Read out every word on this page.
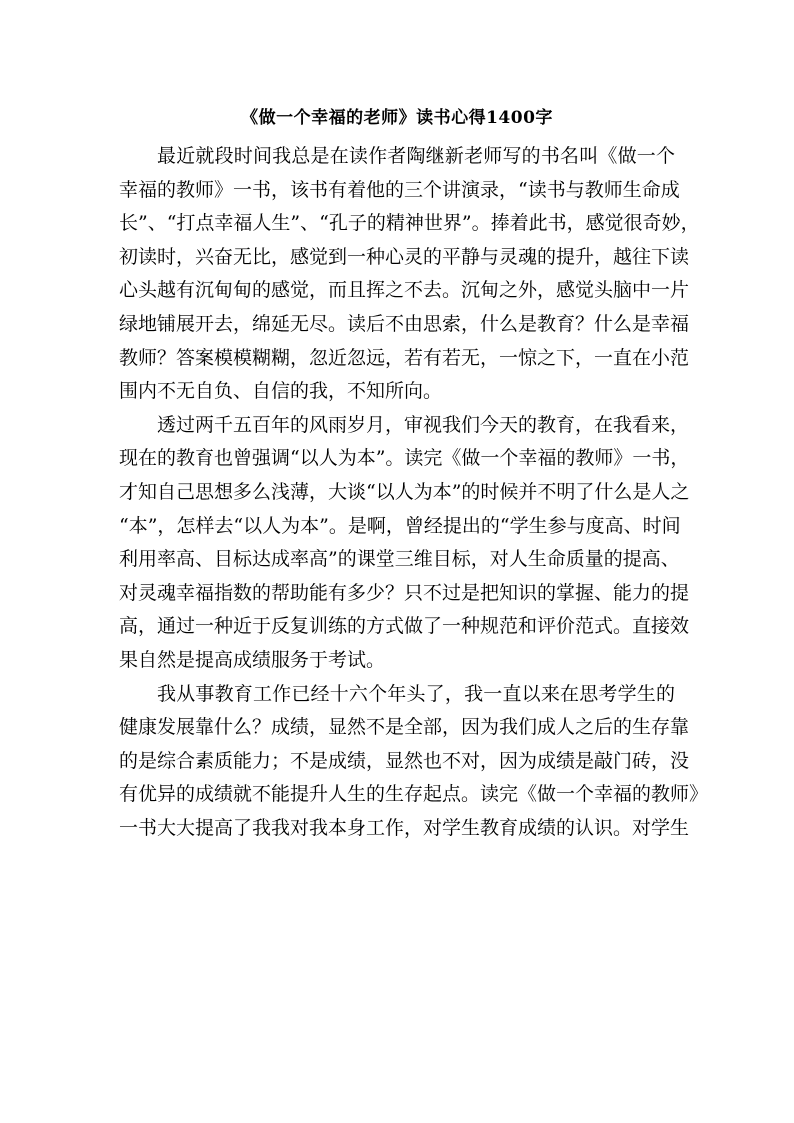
《做一个幸福的老师》读书心得1400字
最近就段时间我总是在读作者陶继新老师写的书名叫《做一个
幸福的教师》一书，该书有着他的三个讲演录，“读书与教师生命成
长”、“打点幸福人生”、“孔子的精神世界”。捧着此书，感觉很奇妙，
初读时，兴奋无比，感觉到一种心灵的平静与灵魂的提升，越往下读
心头越有沉甸甸的感觉，而且挥之不去。沉甸之外，感觉头脑中一片
绿地铺展开去，绵延无尽。读后不由思索，什么是教育？什么是幸福
教师？答案模模糊糊，忽近忽远，若有若无，一惊之下，一直在小范
围内不无自负、自信的我，不知所向。
透过两千五百年的风雨岁月，审视我们今天的教育，在我看来，
现在的教育也曾强调“以人为本”。读完《做一个幸福的教师》一书，
才知自己思想多么浅薄，大谈“以人为本”的时候并不明了什么是人之
“本”，怎样去“以人为本”。是啊，曾经提出的“学生参与度高、时间
利用率高、目标达成率高”的课堂三维目标，对人生命质量的提高、
对灵魂幸福指数的帮助能有多少？只不过是把知识的掌握、能力的提
高，通过一种近于反复训练的方式做了一种规范和评价范式。直接效
果自然是提高成绩服务于考试。
我从事教育工作已经十六个年头了，我一直以来在思考学生的
健康发展靠什么？成绩，显然不是全部，因为我们成人之后的生存靠
的是综合素质能力；不是成绩，显然也不对，因为成绩是敲门砖，没
有优异的成绩就不能提升人生的生存起点。读完《做一个幸福的教师》
一书大大提高了我我对我本身工作，对学生教育成绩的认识。对学生
